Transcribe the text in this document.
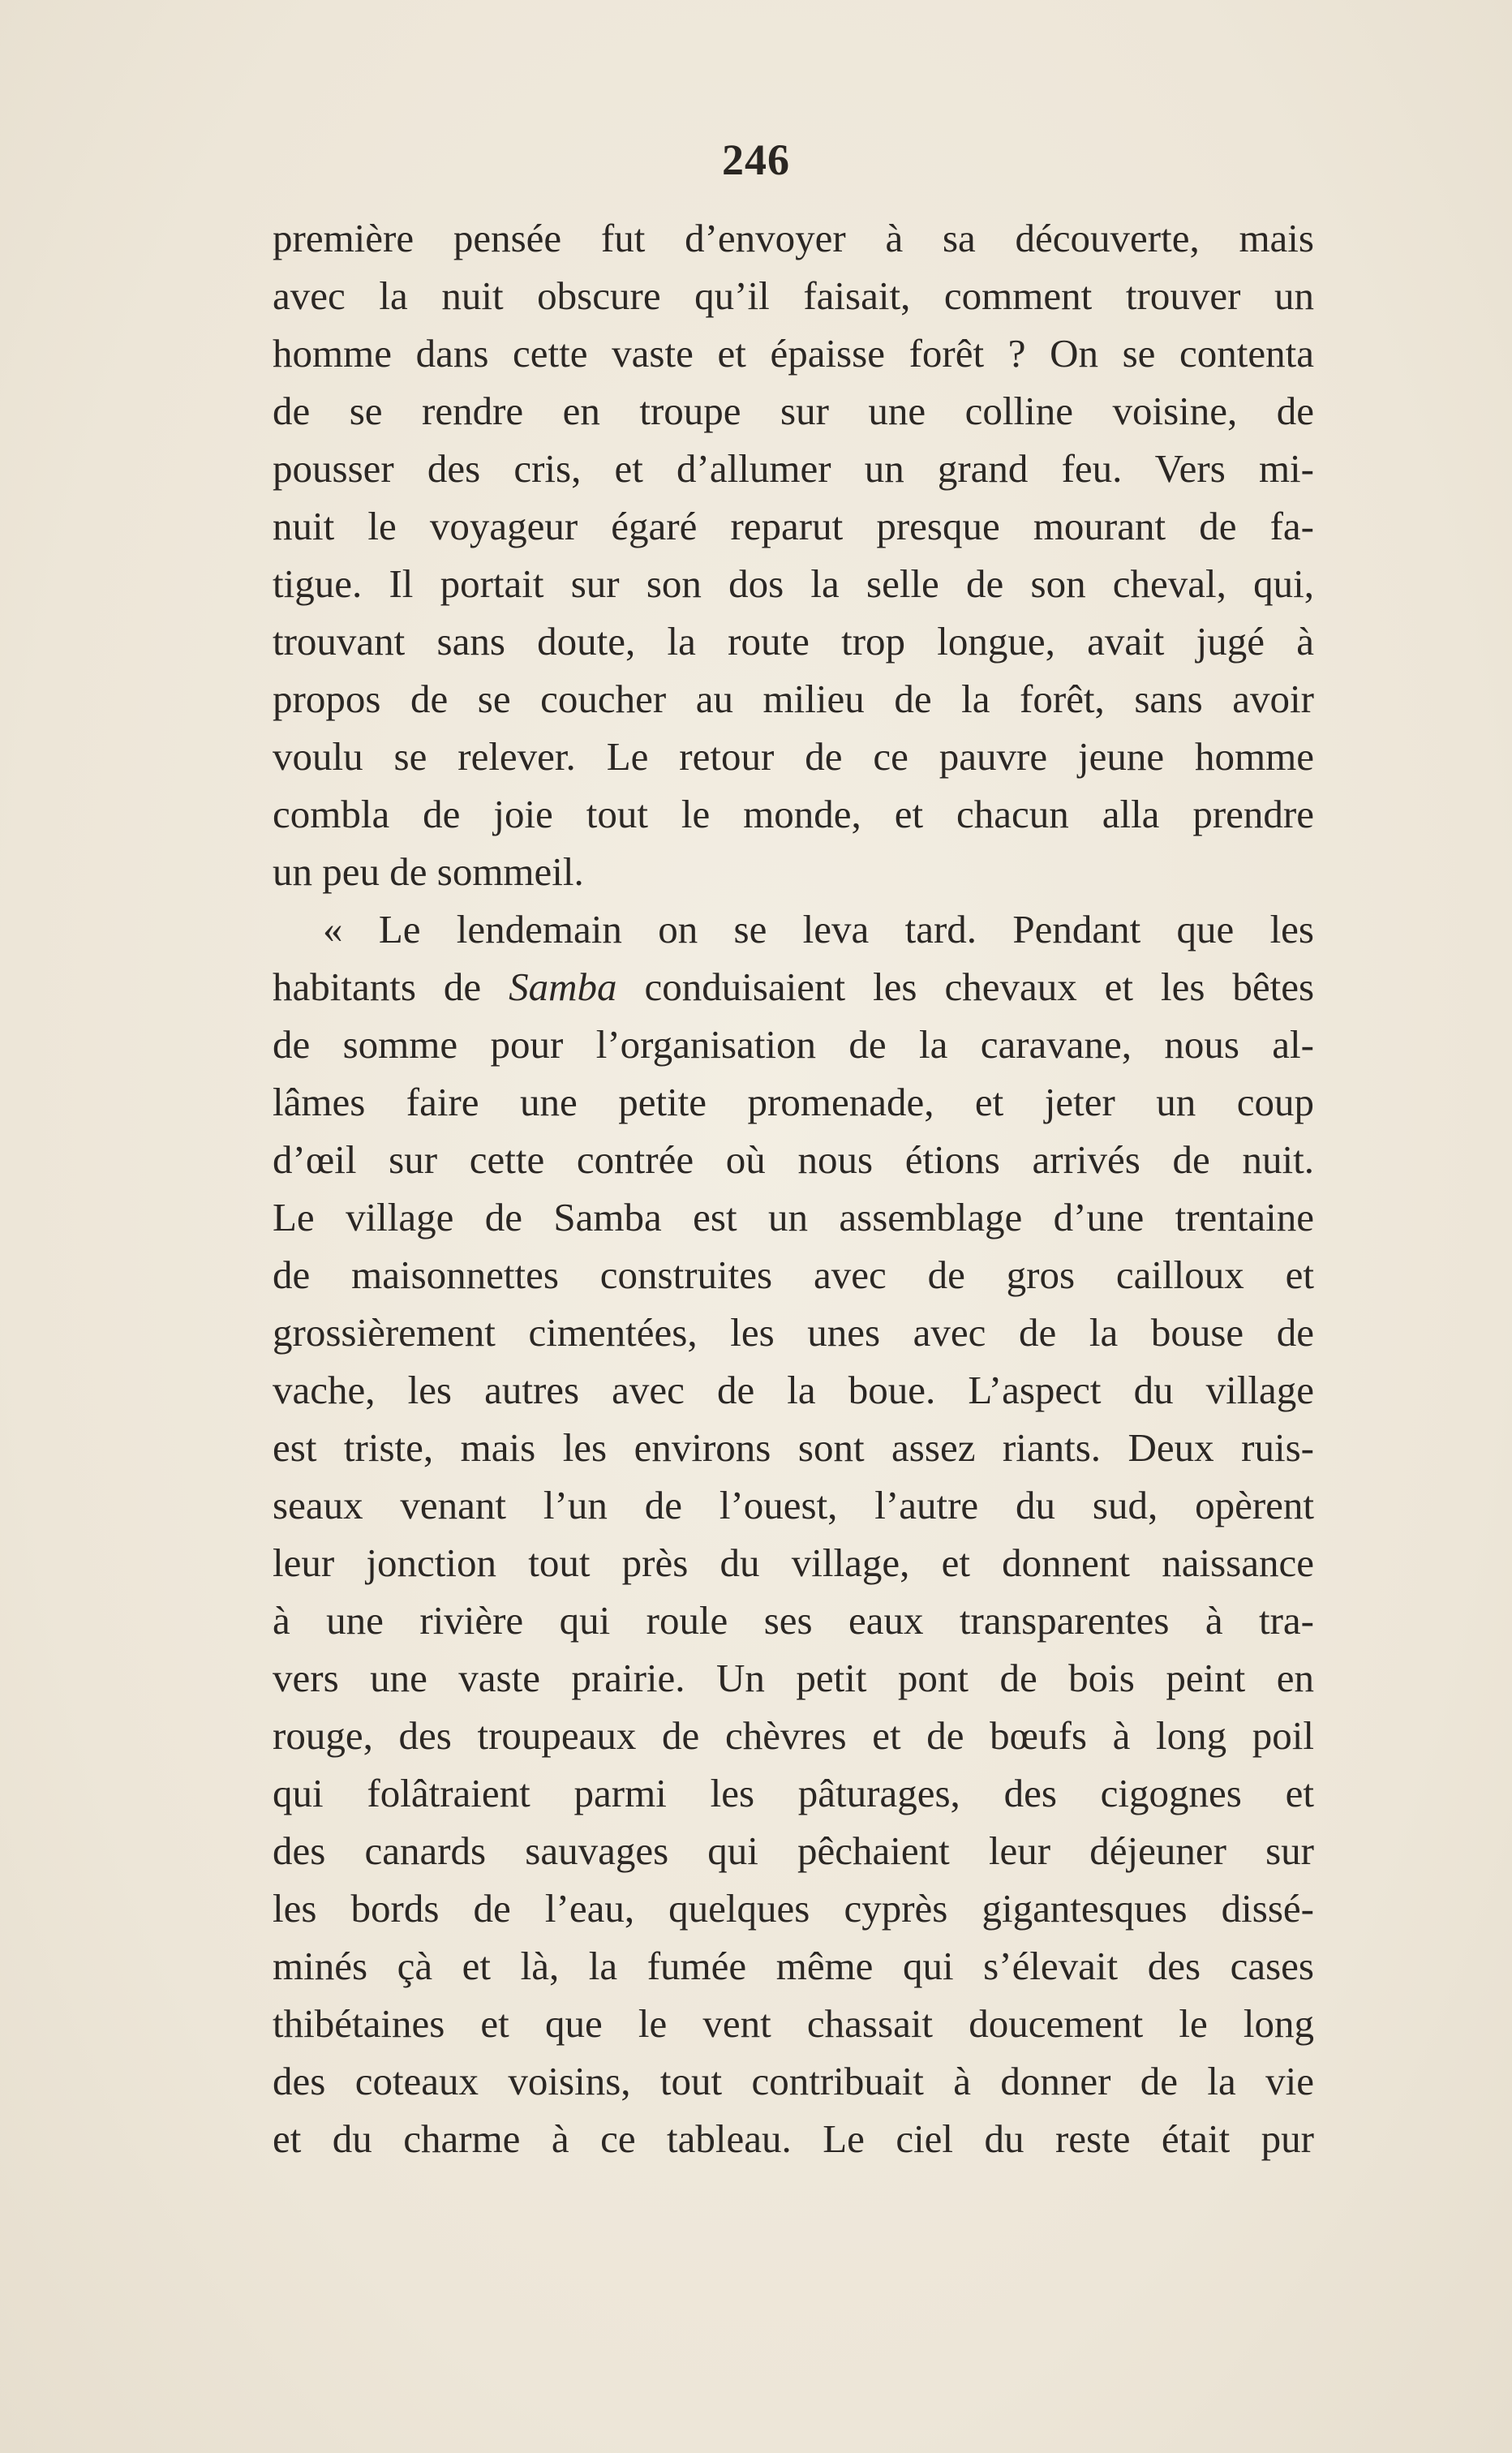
246
première pensée fut d’envoyer à sa découverte, mais
avec la nuit obscure qu’il faisait, comment trouver un
homme dans cette vaste et épaisse forêt ? On se contenta
de se rendre en troupe sur une colline voisine, de
pousser des cris, et d’allumer un grand feu. Vers mi-
nuit le voyageur égaré reparut presque mourant de fa-
tigue. Il portait sur son dos la selle de son cheval, qui,
trouvant sans doute, la route trop longue, avait jugé à
propos de se coucher au milieu de la forêt, sans avoir
voulu se relever. Le retour de ce pauvre jeune homme
combla de joie tout le monde, et chacun alla prendre
un peu de sommeil.
« Le lendemain on se leva tard. Pendant que les
habitants de Samba conduisaient les chevaux et les bêtes
de somme pour l’organisation de la caravane, nous al-
lâmes faire une petite promenade, et jeter un coup
d’œil sur cette contrée où nous étions arrivés de nuit.
Le village de Samba est un assemblage d’une trentaine
de maisonnettes construites avec de gros cailloux et
grossièrement cimentées, les unes avec de la bouse de
vache, les autres avec de la boue. L’aspect du village
est triste, mais les environs sont assez riants. Deux ruis-
seaux venant l’un de l’ouest, l’autre du sud, opèrent
leur jonction tout près du village, et donnent naissance
à une rivière qui roule ses eaux transparentes à tra-
vers une vaste prairie. Un petit pont de bois peint en
rouge, des troupeaux de chèvres et de bœufs à long poil
qui folâtraient parmi les pâturages, des cigognes et
des canards sauvages qui pêchaient leur déjeuner sur
les bords de l’eau, quelques cyprès gigantesques dissé-
minés çà et là, la fumée même qui s’élevait des cases
thibétaines et que le vent chassait doucement le long
des coteaux voisins, tout contribuait à donner de la vie
et du charme à ce tableau. Le ciel du reste était pur
